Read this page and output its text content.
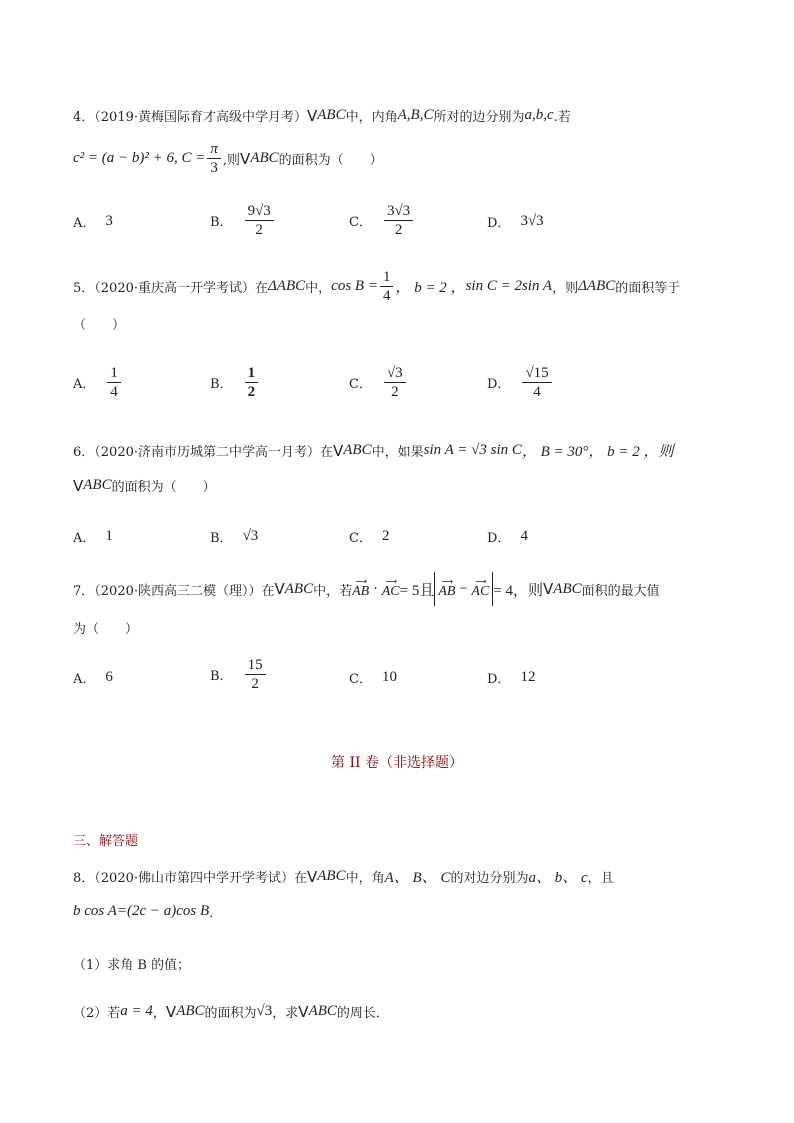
4．（2019·黄梅国际育才高级中学月考） V ABC 中，内角 A,B,C 所对的边分别为 a,b,c .若
c² = (a − b)² + 6, $C = \frac{\pi}{3}$ ,则 V ABC 的面积为（　　）
A． 3	B． $\frac{9√3}{2}$	C． $\frac{3√3}{2}$	D． 3√3
5．（2020·重庆高一开学考试）在 ΔABC 中， $\cos B = \frac{1}{4}$ ， b = 2 ， sin C = 2sin A ，则 ΔABC 的面积等于
（　　）
A． $\frac{1}{4}$	B． $\frac{1}{2}$	C． $\frac{√3}{2}$	D． $\frac{√15}{4}$
6．（2020·济南市历城第二中学高一月考）在 V ABC 中，如果 sin A = √3 sin C ， B = 30°， b = 2 ，则
V ABC 的面积为（　　）
A． 1	B． √3	C． 2	D． 4
7．（2020·陕西高三二模（理））在 V ABC 中，若
⟶
AB · ⟶
AC = 5且
⟶
AB − ⟶
AC = 4，则 V ABC 面积的最大值
为（　　）
A． 6	B． $\frac{15}{2}$	C． 10	D． 12
第 II 卷（非选择题）
三、解答题
8．（2020·佛山市第四中学开学考试）在 V ABC 中，角 A、 B、 C 的对边分别为 a、 b、 c ，且
b cos A=(2c − a)cos B ．
（1）求角 B 的值；
（2）若 a = 4 ， V ABC 的面积为 √3 ，求 V ABC 的周长．
